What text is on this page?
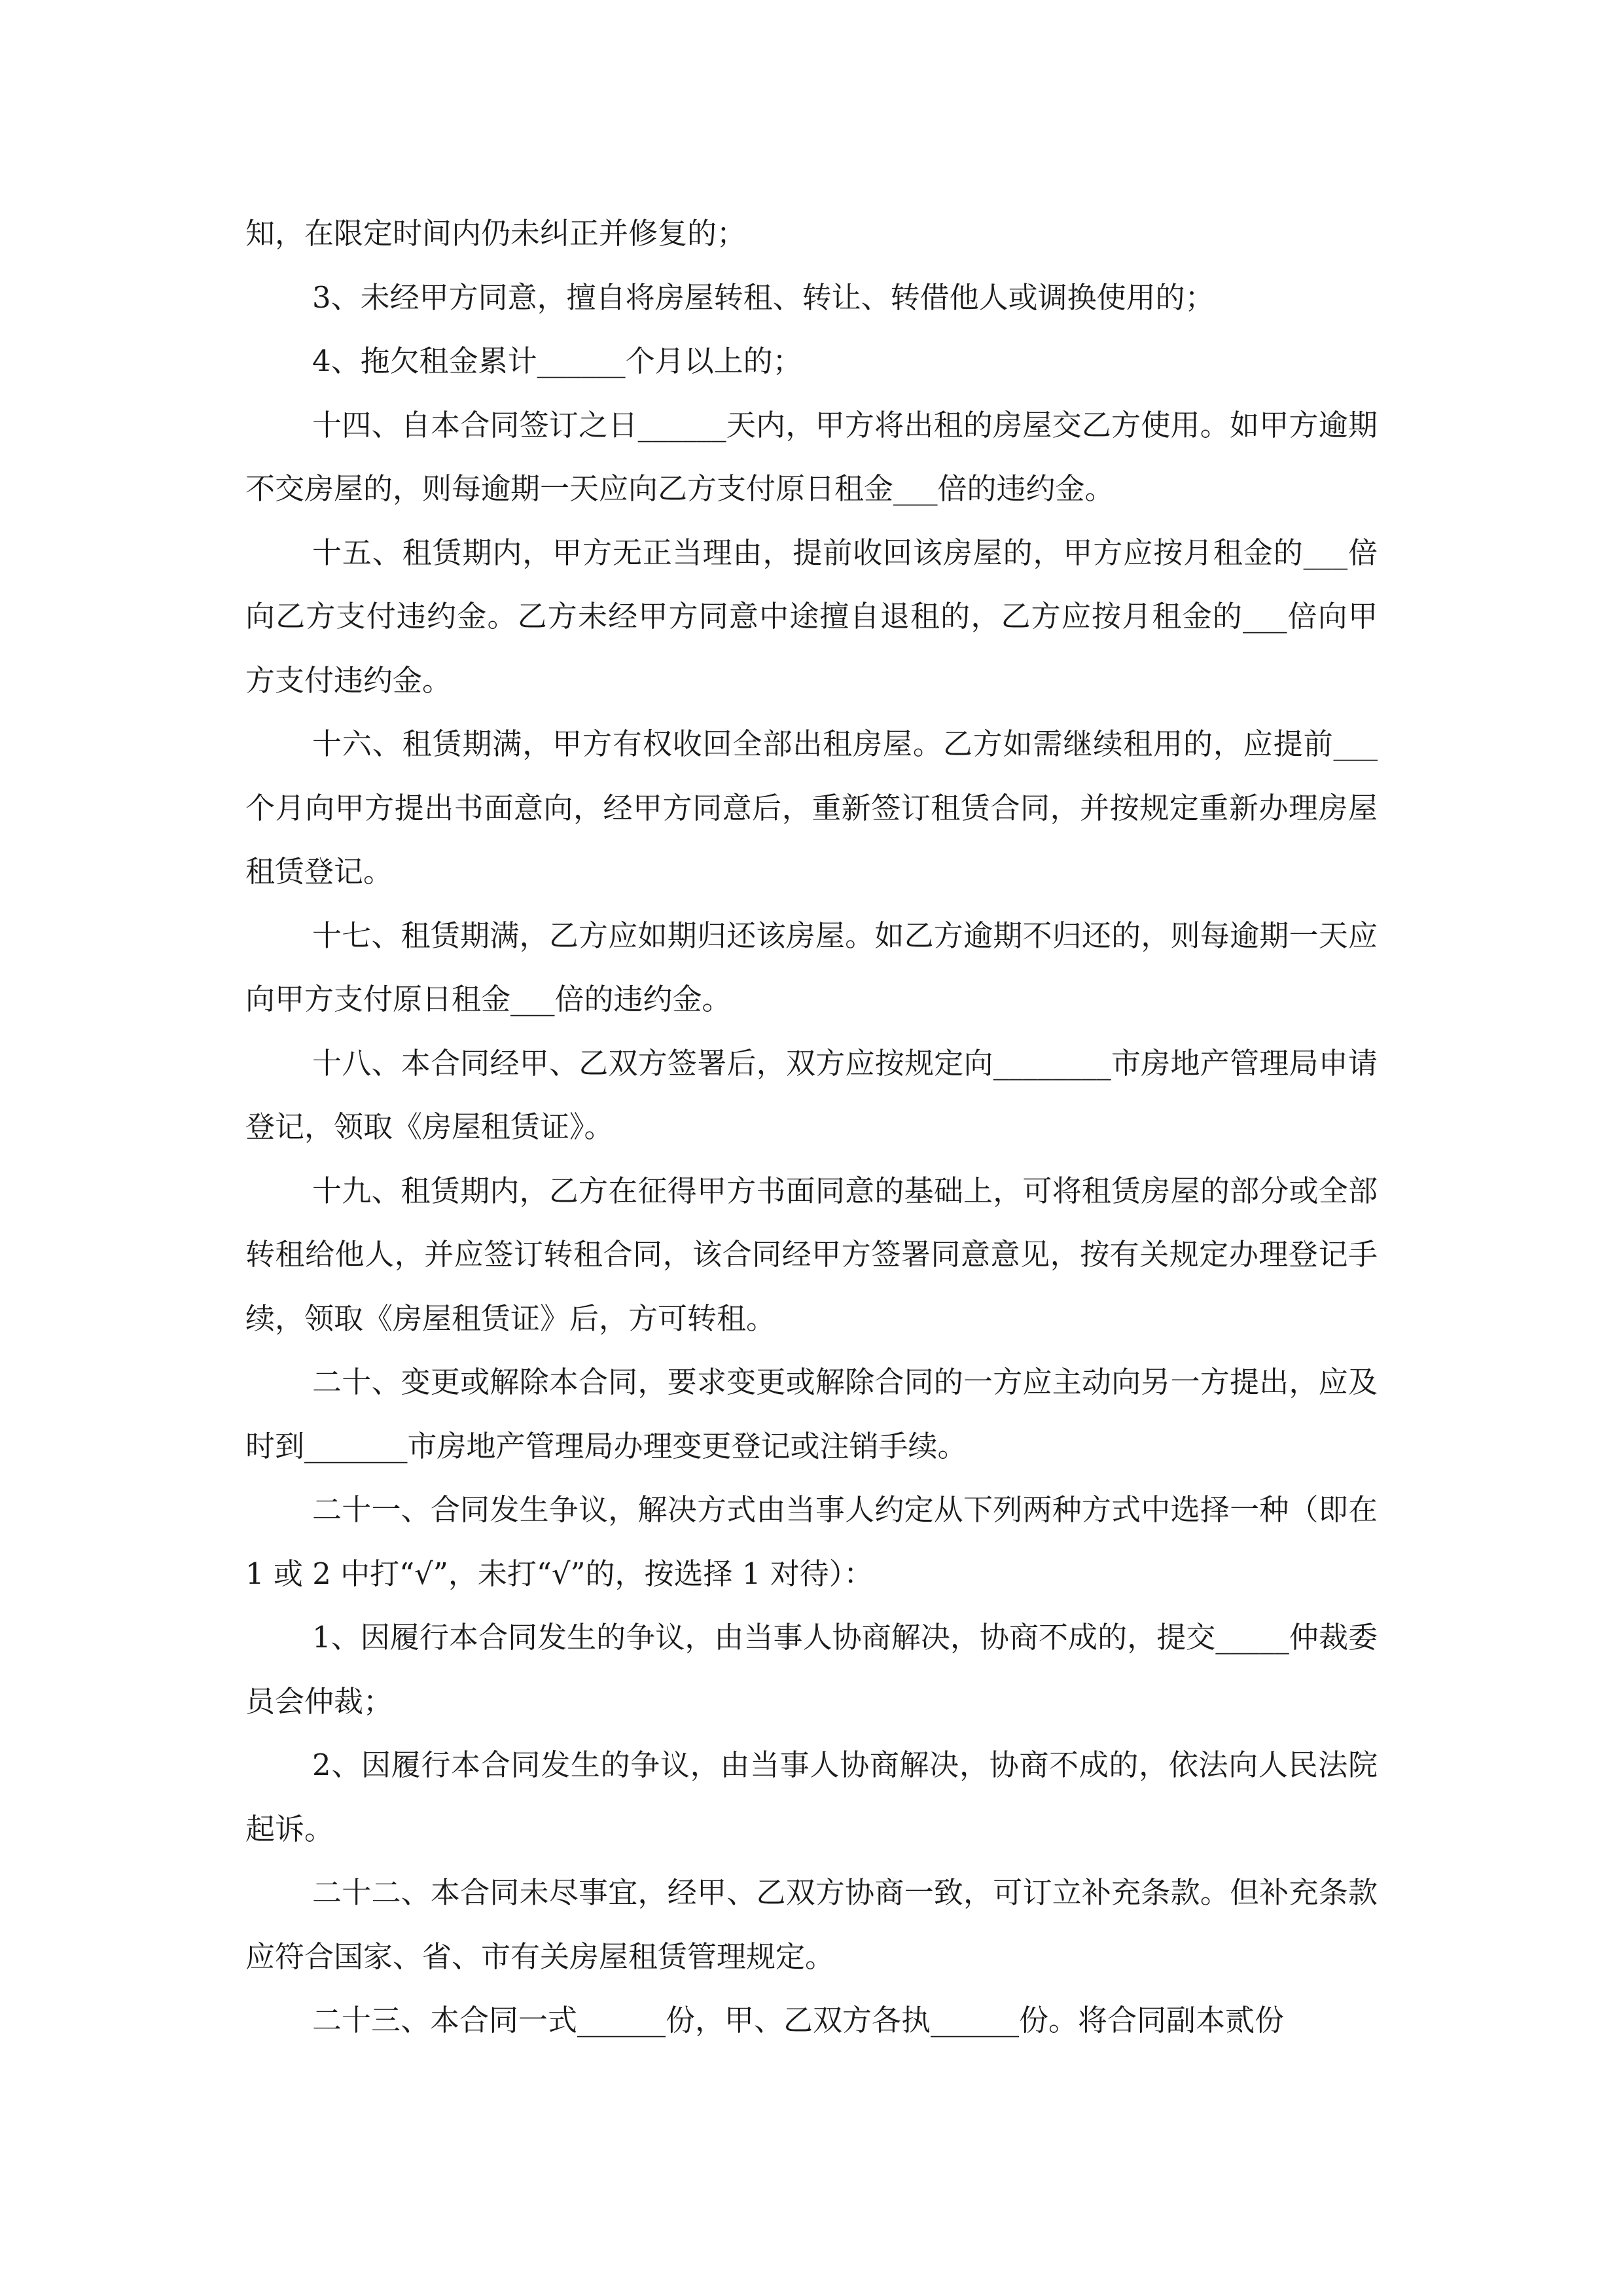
知，在限定时间内仍未纠正并修复的；

3、未经甲方同意，擅自将房屋转租、转让、转借他人或调换使用的；

4、拖欠租金累计______个月以上的；

十四、自本合同签订之日______天内，甲方将出租的房屋交乙方使用。如甲方逾期不交房屋的，则每逾期一天应向乙方支付原日租金___倍的违约金。

十五、租赁期内，甲方无正当理由，提前收回该房屋的，甲方应按月租金的___倍向乙方支付违约金。乙方未经甲方同意中途擅自退租的，乙方应按月租金的___倍向甲方支付违约金。

十六、租赁期满，甲方有权收回全部出租房屋。乙方如需继续租用的，应提前___个月向甲方提出书面意向，经甲方同意后，重新签订租赁合同，并按规定重新办理房屋租赁登记。

十七、租赁期满，乙方应如期归还该房屋。如乙方逾期不归还的，则每逾期一天应向甲方支付原日租金___倍的违约金。

十八、本合同经甲、乙双方签署后，双方应按规定向________市房地产管理局申请登记，领取《房屋租赁证》。

十九、租赁期内，乙方在征得甲方书面同意的基础上，可将租赁房屋的部分或全部转租给他人，并应签订转租合同，该合同经甲方签署同意意见，按有关规定办理登记手续，领取《房屋租赁证》后，方可转租。

二十、变更或解除本合同，要求变更或解除合同的一方应主动向另一方提出，应及时到_______市房地产管理局办理变更登记或注销手续。

二十一、合同发生争议，解决方式由当事人约定从下列两种方式中选择一种（即在 1 或 2 中打“√”，未打“√”的，按选择 1 对待）：

1、因履行本合同发生的争议，由当事人协商解决，协商不成的，提交_____仲裁委员会仲裁；

2、因履行本合同发生的争议，由当事人协商解决，协商不成的，依法向人民法院起诉。

二十二、本合同未尽事宜，经甲、乙双方协商一致，可订立补充条款。但补充条款应符合国家、省、市有关房屋租赁管理规定。

二十三、本合同一式______份，甲、乙双方各执______份。将合同副本贰份
